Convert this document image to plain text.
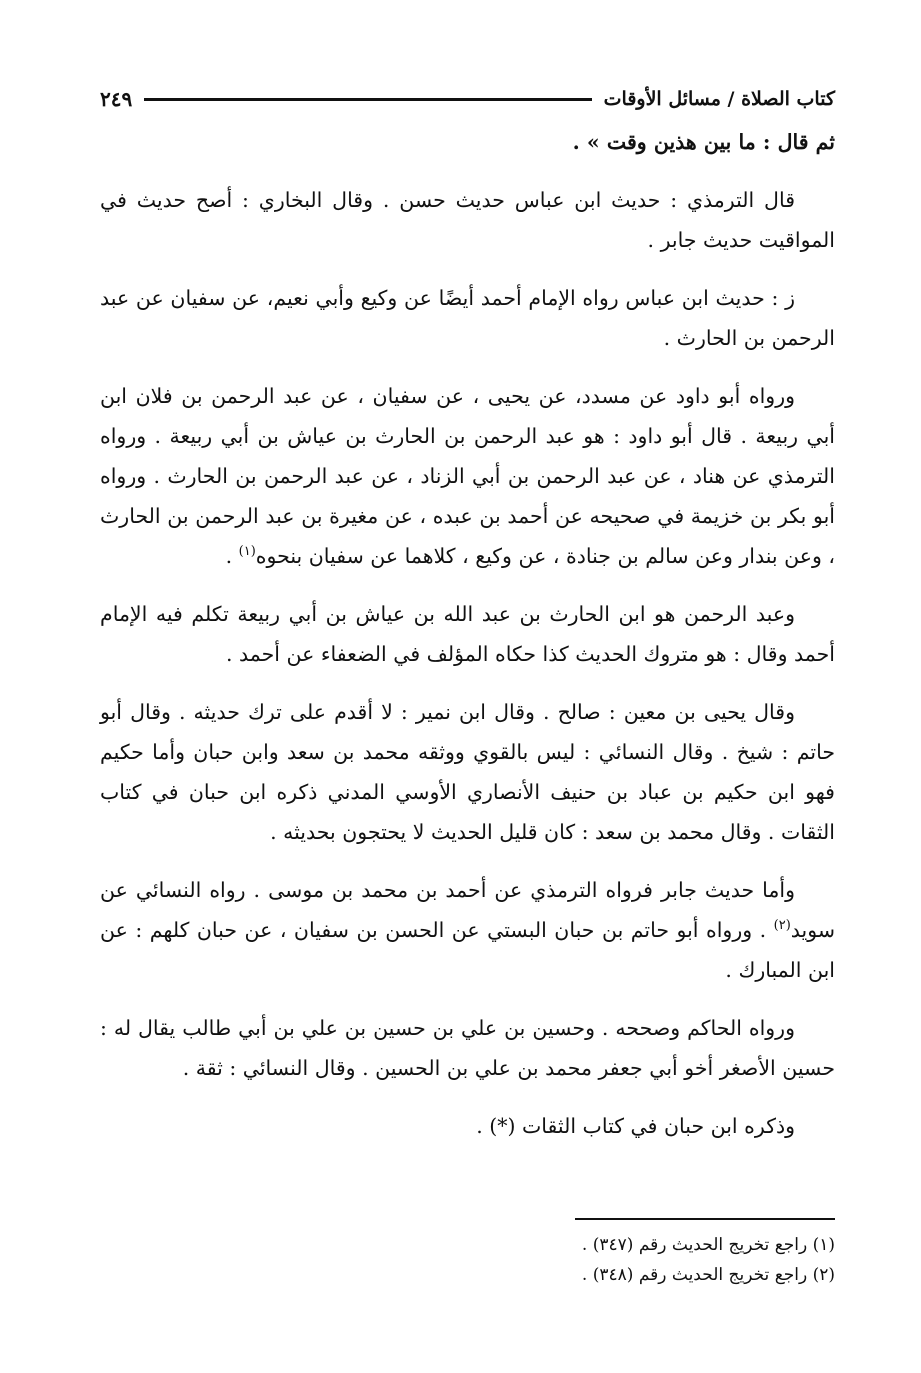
كتاب الصلاة / مسائل الأوقات
٢٤٩

ثم قال : ما بين هذين وقت » .

قال الترمذي : حديث ابن عباس حديث حسن . وقال البخاري : أصح حديث في المواقيت حديث جابر .

ز : حديث ابن عباس رواه الإمام أحمد أيضًا عن وكيع وأبي نعيم، عن سفيان عن عبد الرحمن بن الحارث .

ورواه أبو داود عن مسدد، عن يحيى ، عن سفيان ، عن عبد الرحمن بن فلان ابن أبي ربيعة . قال أبو داود : هو عبد الرحمن بن الحارث بن عياش بن أبي ربيعة . ورواه الترمذي عن هناد ، عن عبد الرحمن بن أبي الزناد ، عن عبد الرحمن بن الحارث . ورواه أبو بكر بن خزيمة في صحيحه عن أحمد بن عبده ، عن مغيرة بن عبد الرحمن بن الحارث ، وعن بندار وعن سالم بن جنادة ، عن وكيع ، كلاهما عن سفيان بنحوه$^{(١)}$ .

وعبد الرحمن هو ابن الحارث بن عبد الله بن عياش بن أبي ربيعة تكلم فيه الإمام أحمد وقال : هو متروك الحديث كذا حكاه المؤلف في الضعفاء عن أحمد .

وقال يحيى بن معين : صالح . وقال ابن نمير : لا أقدم على ترك حديثه . وقال أبو حاتم : شيخ . وقال النسائي : ليس بالقوي ووثقه محمد بن سعد وابن حبان وأما حكيم فهو ابن حكيم بن عباد بن حنيف الأنصاري الأوسي المدني ذكره ابن حبان في كتاب الثقات . وقال محمد بن سعد : كان قليل الحديث لا يحتجون بحديثه .

وأما حديث جابر فرواه الترمذي عن أحمد بن محمد بن موسى . رواه النسائي عن سويد$^{(٢)}$ . ورواه أبو حاتم بن حبان البستي عن الحسن بن سفيان ، عن حبان كلهم : عن ابن المبارك .

ورواه الحاكم وصححه . وحسين بن علي بن حسين بن علي بن أبي طالب يقال له : حسين الأصغر أخو أبي جعفر محمد بن علي بن الحسين . وقال النسائي : ثقة .

وذكره ابن حبان في كتاب الثقات (*) .

(١) راجع تخريج الحديث رقم (٣٤٧) .

(٢) راجع تخريج الحديث رقم (٣٤٨) .
